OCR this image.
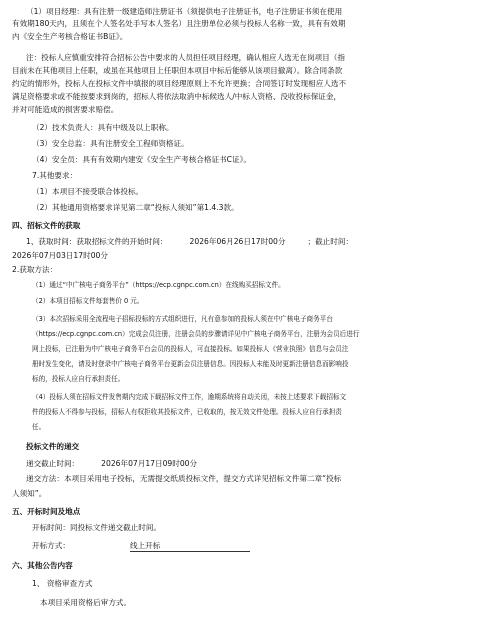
（1）项目经理：具有注册一级建造师注册证书（须提供电子注册证书，电子注册证书须在使用
有效期180天内，且须在个人签名处手写本人签名）且注册单位必须与投标人名称一致，具有有效期
内《安全生产考核合格证书B证》。
注：投标人应慎重安排符合招标公告中要求的人员担任项目经理，确认相应人选无在岗项目（指
目前未在其他项目上任职，或虽在其他项目上任职但本项目中标后能够从该项目撤离）。除合同条款
约定的情形外，投标人在投标文件中填报的项目经理原则上不允许更换；合同签订时发现相应人选不
满足资格要求或不能按要求到岗的，招标人将依法取消中标候选人/中标人资格、没收投标保证金，
并对可能造成的损害要求赔偿。
（2）技术负责人：具有中级及以上职称。
（3）安全总监：具有注册安全工程师资格证。
（4）安全员：具有有效期内建安《安全生产考核合格证书C证》。
7.其他要求：
（1）本项目不接受联合体投标。
（2）其他通用资格要求详见第二章“投标人须知”第1.4.3款。
四、招标文件的获取
1、获取时间：获取招标文件的开始时间：	2026年06月26日17时00分	；截止时间：
2026年07月03日17时00分
2.获取方法：
（1）通过“中广核电子商务平台”（https://ecp.cgnpc.com.cn）在线购买招标文件。
（2）本项目招标文件每套售价 0 元。
（3）本次招标采用全流程电子招标投标的方式组织进行，凡有意参加的投标人须在中广核电子商务平台
（https://ecp.cgnpc.com.cn）完成会员注册，注册会员的步骤请详见中广核电子商务平台，注册为会员后进行
网上投标，已注册为中广核电子商务平台会员的投标人，可直接投标。如果投标人《营业执照》信息与会员注
册时发生变化，请及时登录中广核电子商务平台更新会员注册信息。因投标人未能及时更新注册信息而影响投
标的，投标人应自行承担责任。
（4）投标人须在招标文件发售期内完成下载招标文件工作，逾期系统将自动关闭，未按上述要求下载招标文
件的投标人不得参与投标，招标人有权拒收其投标文件，已收取的，按无效文件处理。投标人应自行承担责
任。
投标文件的递交
递交截止时间：	2026年07月17日09时00分
递交方法：本项目采用电子投标，无需提交纸质投标文件，提交方式详见招标文件第二章“投标
人须知”。
五、开标时间及地点
开标时间：同投标文件递交截止时间。
开标方式：	线上开标
六、其他公告内容
1、 资格审查方式
本项目采用资格后审方式。
